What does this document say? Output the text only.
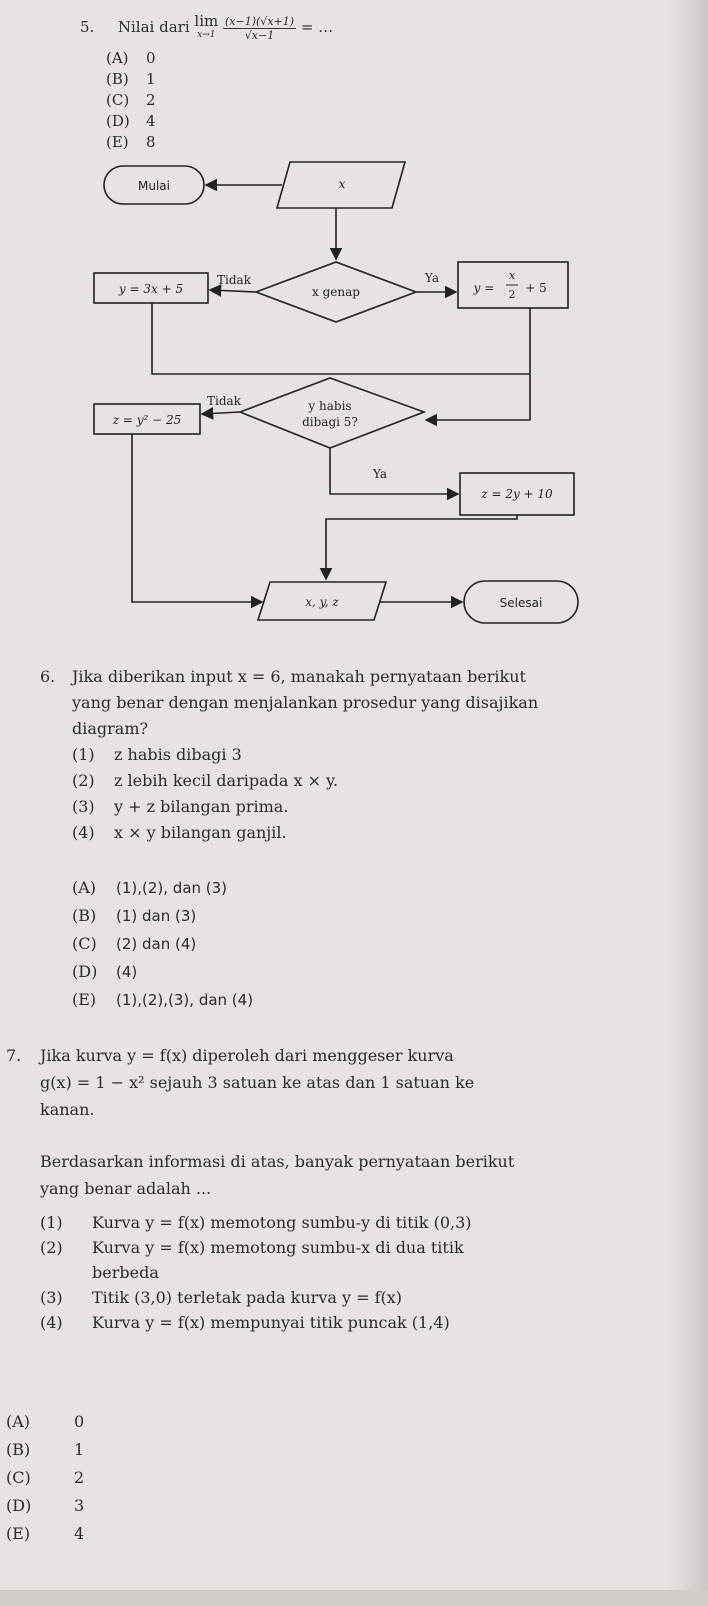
5. Nilai dari lim
x→1
$\frac{(x-1)(√x+1)}{√x-1}$ = …
(A) 0
(B) 1
(C) 2
(D) 4
(E) 8
Mulai	x
x genap
Ya
Tidak
y =
x
2 + 5
y = 3x + 5
y habis
dibagi 5?
Tidak
Ya
z = y² − 25
z = 2y + 10
x, y, z	Selesai
6. Jika diberikan input x = 6, manakah pernyataan berikut
yang benar dengan menjalankan prosedur yang disajikan
diagram?
(1) z habis dibagi 3
(2) z lebih kecil daripada x × y.
(3) y + z bilangan prima.
(4) x × y bilangan ganjil.
(A) (1),(2), dan (3)
(B) (1) dan (3)
(C) (2) dan (4)
(D) (4)
(E) (1),(2),(3), dan (4)
7. Jika kurva y = f(x) diperoleh dari menggeser kurva
g(x) = 1 − x² sejauh 3 satuan ke atas dan 1 satuan ke
kanan.
Berdasarkan informasi di atas, banyak pernyataan berikut
yang benar adalah ...
(1) Kurva y = f(x) memotong sumbu-y di titik (0,3)
(2) Kurva y = f(x) memotong sumbu-x di dua titik
berbeda
(3) Titik (3,0) terletak pada kurva y = f(x)
(4) Kurva y = f(x) mempunyai titik puncak (1,4)
(A)	0
(B)	1
(C)	2
(D)	3
(E)	4
